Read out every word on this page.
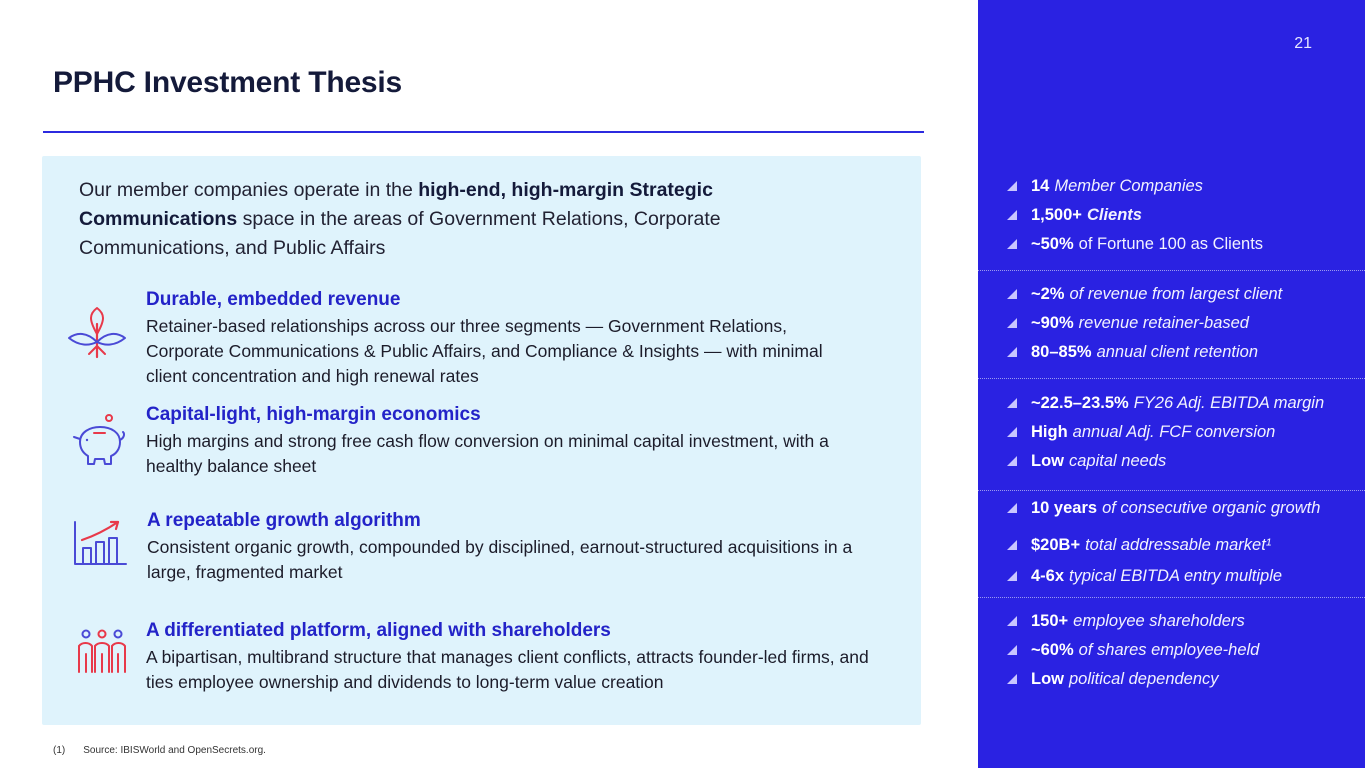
PPHC Investment Thesis

Our member companies operate in the high-end, high-margin Strategic Communications space in the areas of Government Relations, Corporate Communications, and Public Affairs

Durable, embedded revenue
Retainer-based relationships across our three segments — Government Relations, Corporate Communications & Public Affairs, and Compliance & Insights — with minimal client concentration and high renewal rates
Capital-light, high-margin economics
High margins and strong free cash flow conversion on minimal capital investment, with a healthy balance sheet
A repeatable growth algorithm
Consistent organic growth, compounded by disciplined, earnout-structured acquisitions in a large, fragmented market
A differentiated platform, aligned with shareholders
A bipartisan, multibrand structure that manages client conflicts, attracts founder-led firms, and ties employee ownership and dividends to long-term value creation
(1) Source: IBISWorld and OpenSecrets.org.
21
14 Member Companies
1,500+ Clients
~50% of Fortune 100 as Clients
~2% of revenue from largest client
~90% revenue retainer-based
80–85% annual client retention
~22.5–23.5% FY26 Adj. EBITDA margin
High annual Adj. FCF conversion
Low capital needs
10 years of consecutive organic growth
$20B+ total addressable market¹
4-6x typical EBITDA entry multiple
150+ employee shareholders
~60% of shares employee-held
Low political dependency
